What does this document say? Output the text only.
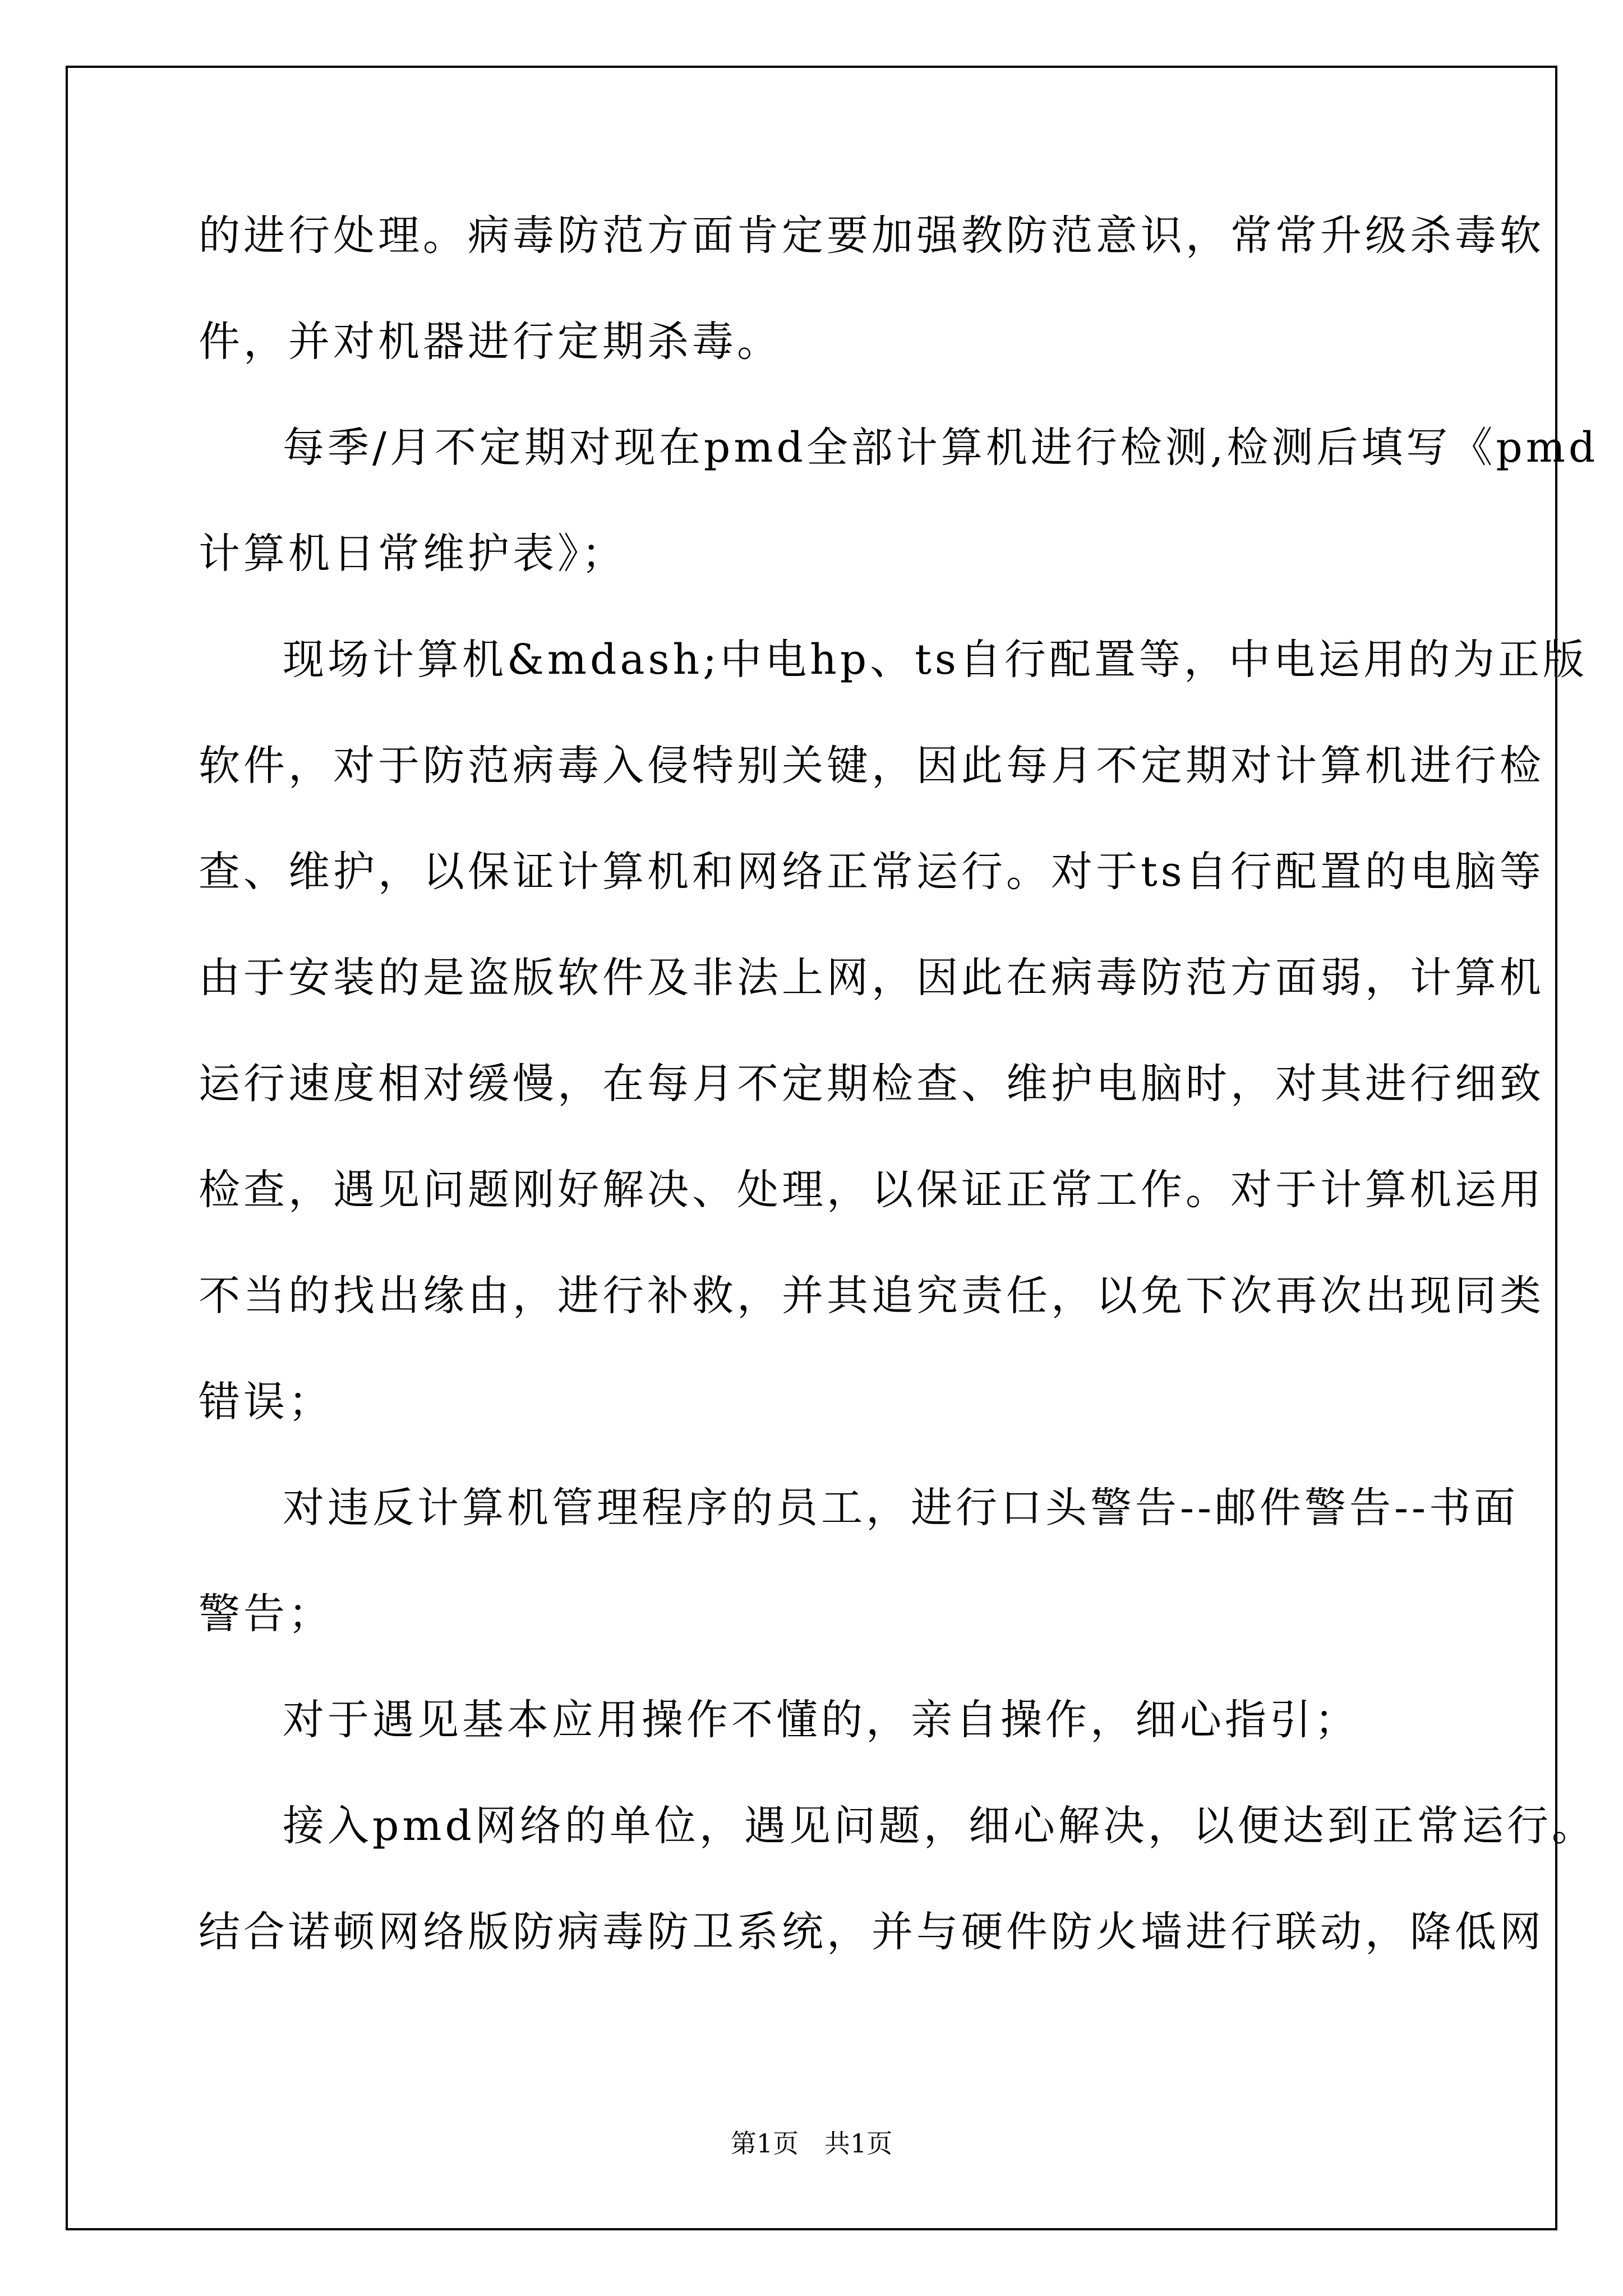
的进行处理。病毒防范方面肯定要加强教防范意识，常常升级杀毒软
件，并对机器进行定期杀毒。
每季/月不定期对现在pmd全部计算机进行检测,检测后填写《pmd
计算机日常维护表》；
现场计算机&mdash;中电hp、ts自行配置等，中电运用的为正版
软件，对于防范病毒入侵特别关键，因此每月不定期对计算机进行检
查、维护，以保证计算机和网络正常运行。对于ts自行配置的电脑等
由于安装的是盗版软件及非法上网，因此在病毒防范方面弱，计算机
运行速度相对缓慢，在每月不定期检查、维护电脑时，对其进行细致
检查，遇见问题刚好解决、处理，以保证正常工作。对于计算机运用
不当的找出缘由，进行补救，并其追究责任，以免下次再次出现同类
错误；
对违反计算机管理程序的员工，进行口头警告--邮件警告--书面
警告；
对于遇见基本应用操作不懂的，亲自操作，细心指引；
接入pmd网络的单位，遇见问题，细心解决，以便达到正常运行。
结合诺顿网络版防病毒防卫系统，并与硬件防火墙进行联动，降低网
第1页　共1页
